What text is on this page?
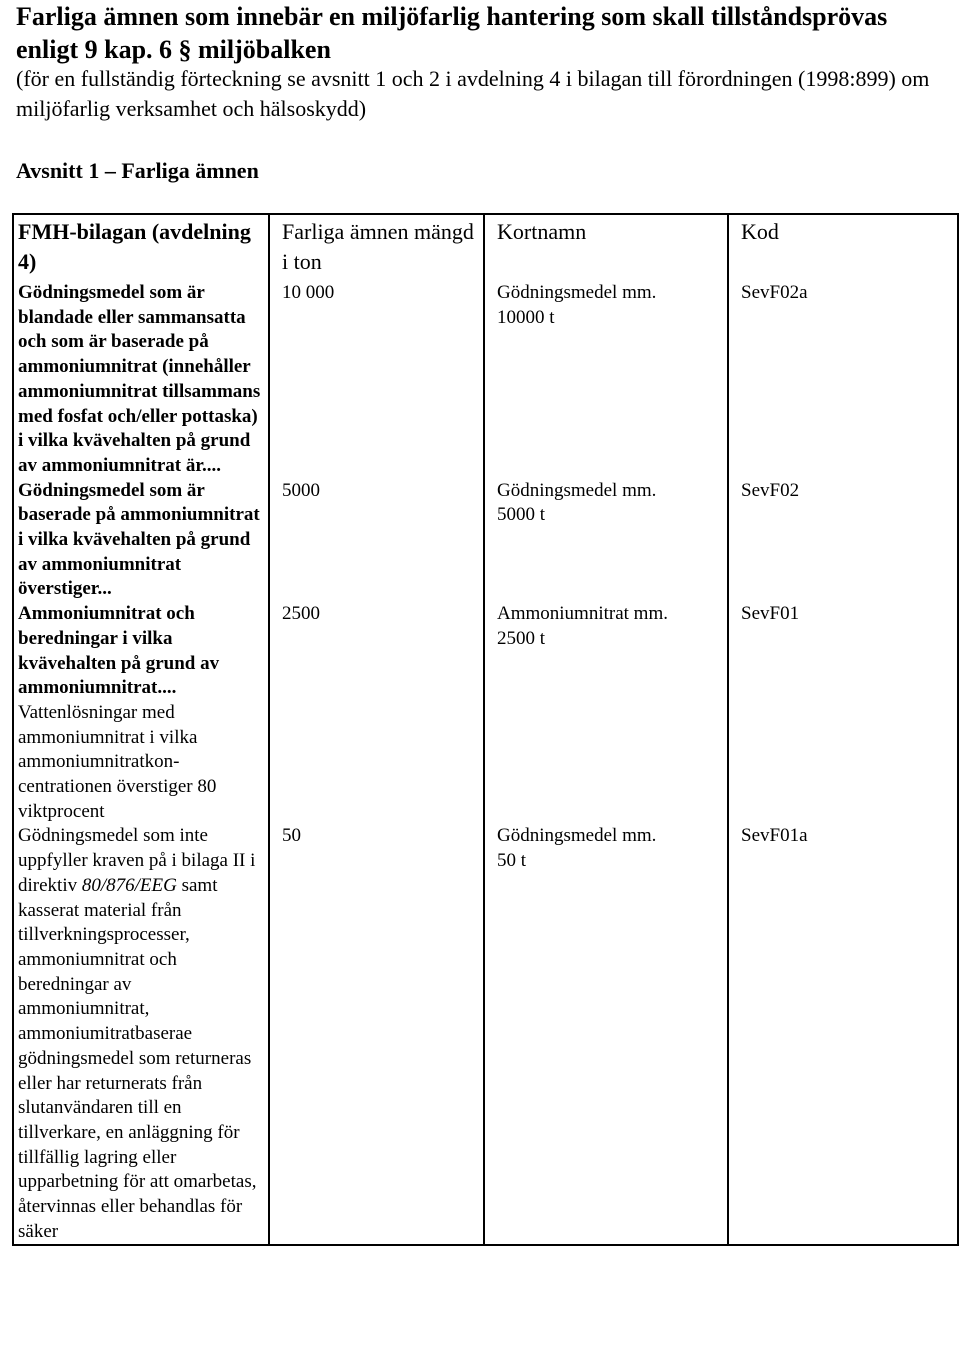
Farliga ämnen som innebär en miljöfarlig hantering som skall tillståndsprövas enligt 9 kap. 6 § miljöbalken
(för en fullständig förteckning se avsnitt 1 och 2 i avdelning 4 i bilagan till förordningen (1998:899) om miljöfarlig verksamhet och hälsoskydd)
Avsnitt 1 – Farliga ämnen
FMH-bilagan (avdelning 4)	Farliga ämnen mängd i ton	Kortnamn	Kod
Gödningsmedel som är blandade eller sammansatta och som är baserade på ammoniumnitrat (innehåller ammoniumnitrat tillsammans med fosfat och/eller pottaska) i vilka kvävehalten på grund av ammoniumnitrat är....	10 000	Gödningsmedel mm.
10000 t	SevF02a
Gödningsmedel som är baserade på ammoniumnitrat i vilka kvävehalten på grund av ammoniumnitrat överstiger...	5000	Gödningsmedel mm.
5000 t	SevF02
Ammoniumnitrat och beredningar i vilka kvävehalten på grund av ammoniumnitrat.... Vattenlösningar med ammoniumnitrat i vilka ammoniumnitratkon-centrationen överstiger 80 viktprocent	2500	Ammoniumnitrat mm.
2500 t	SevF01
Gödningsmedel som inte uppfyller kraven på i bilaga II i direktiv 80/876/EEG samt kasserat material från tillverkningsprocesser, ammoniumnitrat och beredningar av ammoniumnitrat, ammoniumitratbaserae gödningsmedel som returneras eller har returnerats från slutanvändaren till en tillverkare, en anläggning för tillfällig lagring eller upparbetning för att omarbetas, återvinnas eller behandlas för säker	50	Gödningsmedel mm.
50 t	SevF01a
